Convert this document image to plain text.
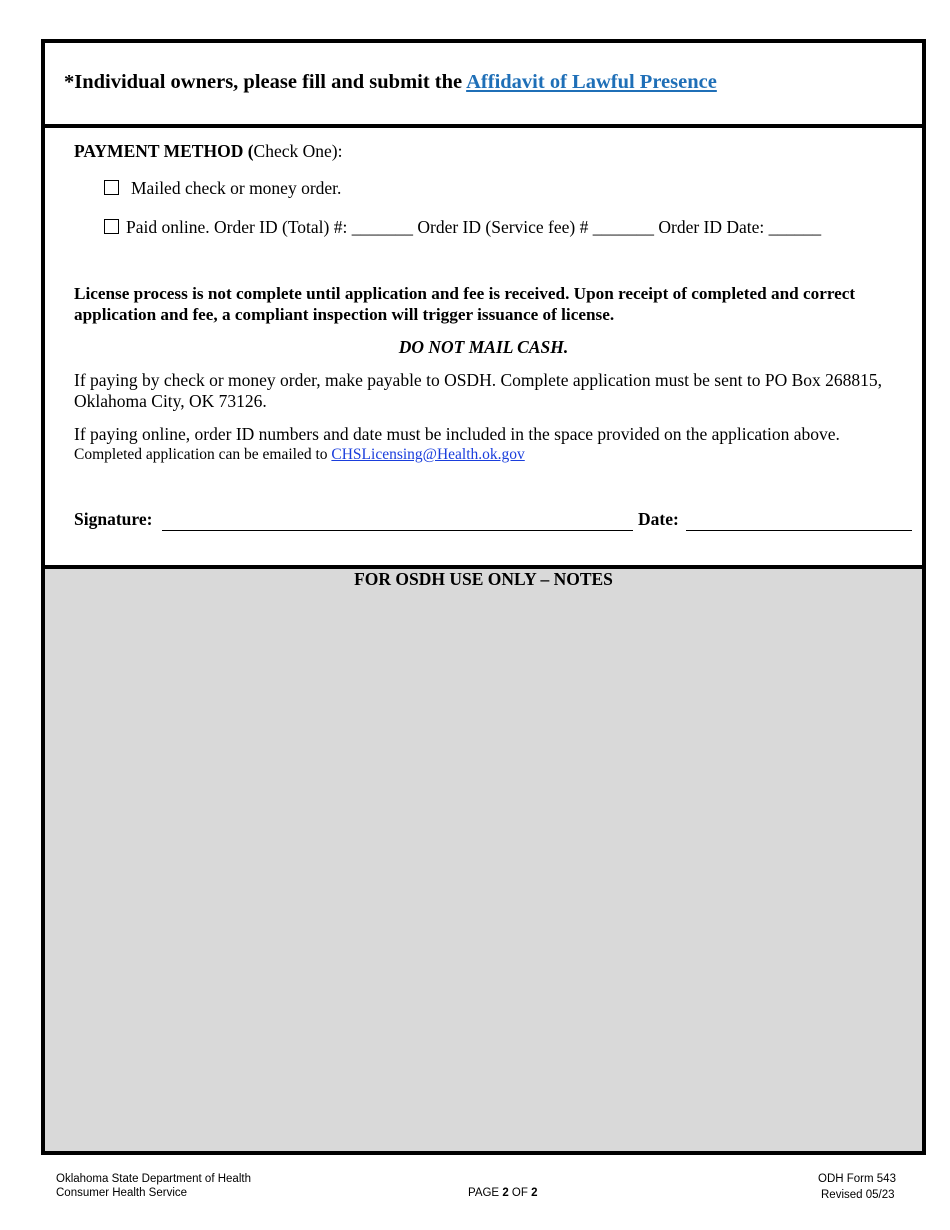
*Individual owners, please fill and submit the Affidavit of Lawful Presence
PAYMENT METHOD (Check One):
Mailed check or money order.
Paid online. Order ID (Total) #: _______ Order ID (Service fee) # _______ Order ID Date: ______
License process is not complete until application and fee is received. Upon receipt of completed and correct application and fee, a compliant inspection will trigger issuance of license.
DO NOT MAIL CASH.
If paying by check or money order, make payable to OSDH. Complete application must be sent to PO Box 268815, Oklahoma City, OK 73126.
If paying online, order ID numbers and date must be included in the space provided on the application above.
Completed application can be emailed to CHSLicensing@Health.ok.gov
Signature:	Date:
FOR OSDH USE ONLY – NOTES
Oklahoma State Department of Health
Consumer Health Service	PAGE 2 OF 2
ODH Form 543
Revised 05/23
